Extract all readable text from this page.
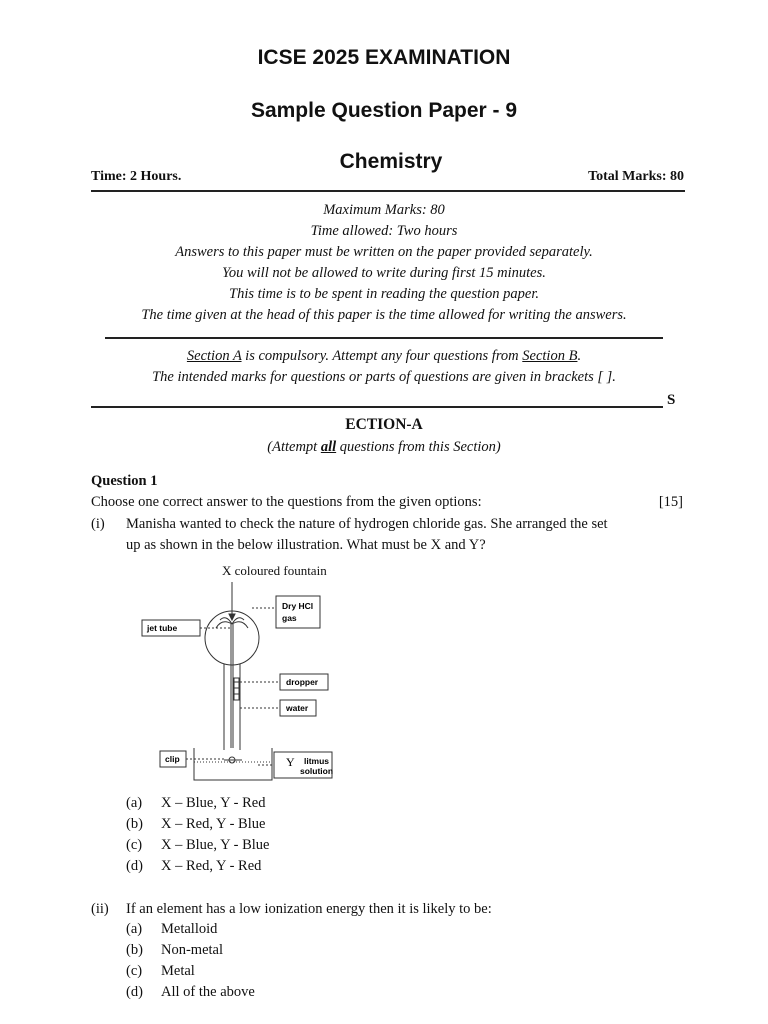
ICSE 2025 EXAMINATION
Sample Question Paper - 9
Chemistry
Time: 2 Hours.	Total Marks: 80
Maximum Marks: 80
Time allowed: Two hours
Answers to this paper must be written on the paper provided separately.
You will not be allowed to write during first 15 minutes.
This time is to be spent in reading the question paper.
The time given at the head of this paper is the time allowed for writing the answers.
Section A is compulsory. Attempt any four questions from Section B.
The intended marks for questions or parts of questions are given in brackets [ ].
S
ECTION-A
(Attempt all questions from this Section)
Question 1
Choose one correct answer to the questions from the given options:	[15]
(i) Manisha wanted to check the nature of hydrogen chloride gas. She arranged the set
up as shown in the below illustration. What must be X and Y?
X coloured fountain
Dry HCl
gas
jet tube
dropper
water
clip	Y litmus
solution
(a) X – Blue, Y - Red
(b) X – Red, Y - Blue
(c) X – Blue, Y - Blue
(d) X – Red, Y - Red
(ii) If an element has a low ionization energy then it is likely to be:
(a) Metalloid
(b) Non-metal
(c) Metal
(d) All of the above
